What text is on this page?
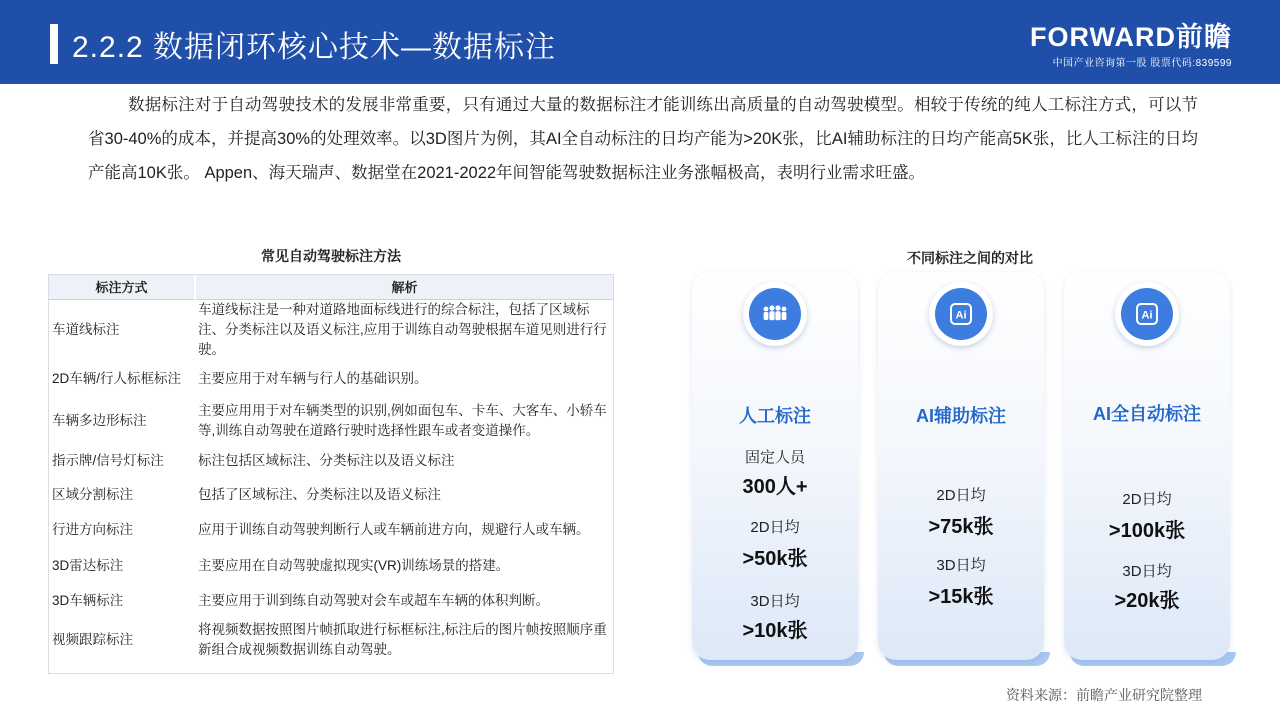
2.2.2 数据闭环核心技术—数据标注	FORWARD前瞻
中国产业咨询第一股 股票代码:839599

数据标注对于自动驾驶技术的发展非常重要，只有通过大量的数据标注才能训练出高质量的自动驾驶模型。相较于传统的纯人工标注方式，可以节省30-40%的成本，并提高30%的处理效率。以3D图片为例，其AI全自动标注的日均产能为>20K张，比AI辅助标注的日均产能高5K张，比人工标注的日均产能高10K张。 Appen、海天瑞声、数据堂在2021-2022年间智能驾驶数据标注业务涨幅极高，表明行业需求旺盛。

常见自动驾驶标注方法
标注方式	解析
车道线标注	车道线标注是一种对道路地面标线进行的综合标注，包括了区域标注、分类标注以及语义标注,应用于训练自动驾驶根据车道见则进行行驶。
2D车辆/行人标框标注	主要应用于对车辆与行人的基础识别。
车辆多边形标注	主要应用用于对车辆类型的识别,例如面包车、卡车、大客车、小轿车等,训练自动驾驶在道路行驶时选择性跟车或者变道操作。
指示牌/信号灯标注	标注包括区域标注、分类标注以及语义标注
区域分割标注	包括了区域标注、分类标注以及语义标注
行进方向标注	应用于训练自动驾驶判断行人或车辆前进方向，规避行人或车辆。
3D雷达标注	主要应用在自动驾驶虚拟现实(VR)训练场景的搭建。
3D车辆标注	主要应用于训到练自动驾驶对会车或超车车辆的体积判断。
视频跟踪标注	将视频数据按照图片帧抓取进行标框标注,标注后的图片帧按照顺序重新组合成视频数据训练自动驾驶。
不同标注之间的对比
人工标注
固定人员
300人+
2D日均
>50k张
3D日均
>10k张
Ai
AI辅助标注
2D日均
>75k张
3D日均
>15k张
Ai
AI全自动标注
2D日均
>100k张
3D日均
>20k张
资料来源：前瞻产业研究院整理
